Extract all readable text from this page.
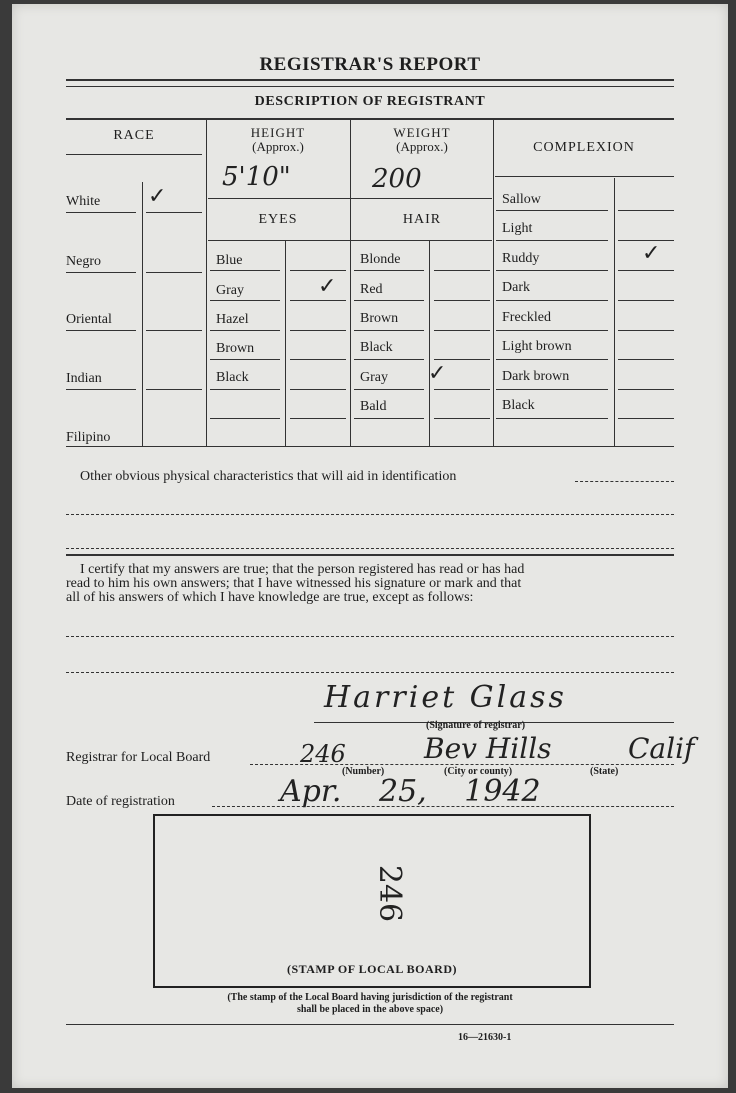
REGISTRAR'S REPORT
DESCRIPTION OF REGISTRANT
RACE	HEIGHT
(Approx.)
WEIGHT
(Approx.)	COMPLEXION
5'10"	200
EYES	HAIR
White ✓
Negro
Oriental
Indian
Filipino
Blue
Gray	✓
Hazel
Brown
Black
Blonde
Red
Brown
Black
Gray ✓
Bald
Sallow
Light
Ruddy	✓
Dark
Freckled
Light brown
Dark brown
Black
Other obvious physical characteristics that will aid in identification
I certify that my answers are true; that the person registered has read or has had
read to him his own answers; that I have witnessed his signature or mark and that
all of his answers of which I have knowledge are true, except as follows:
Harriet Glass
(Signature of registrar)
Registrar for Local Board	246	Bev Hills	Calif
(Number)	(City or county)	(State)
Date of registration	Apr. 25, 1942
246
(STAMP OF LOCAL BOARD)
(The stamp of the Local Board having jurisdiction of the registrant
shall be placed in the above space)
16—21630-1
